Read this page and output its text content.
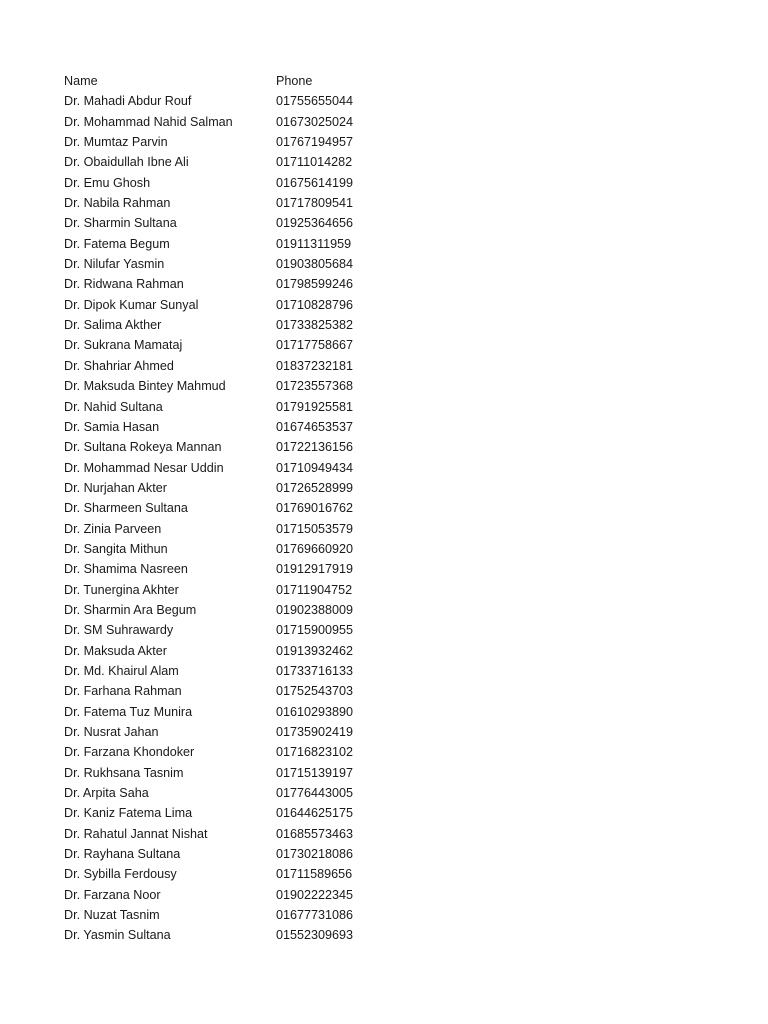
Name	Phone
Dr. Mahadi Abdur Rouf	01755655044
Dr. Mohammad Nahid Salman	01673025024
Dr. Mumtaz Parvin	01767194957
Dr. Obaidullah Ibne Ali	01711014282
Dr. Emu Ghosh	01675614199
Dr. Nabila Rahman	01717809541
Dr. Sharmin Sultana	01925364656
Dr. Fatema Begum	01911311959
Dr. Nilufar Yasmin	01903805684
Dr. Ridwana Rahman	01798599246
Dr. Dipok Kumar Sunyal	01710828796
Dr. Salima Akther	01733825382
Dr. Sukrana Mamataj	01717758667
Dr. Shahriar Ahmed	01837232181
Dr. Maksuda Bintey Mahmud	01723557368
Dr. Nahid Sultana	01791925581
Dr. Samia Hasan	01674653537
Dr. Sultana Rokeya Mannan	01722136156
Dr. Mohammad Nesar Uddin	01710949434
Dr. Nurjahan Akter	01726528999
Dr. Sharmeen Sultana	01769016762
Dr. Zinia Parveen	01715053579
Dr. Sangita Mithun	01769660920
Dr. Shamima Nasreen	01912917919
Dr. Tunergina Akhter	01711904752
Dr. Sharmin Ara Begum	01902388009
Dr. SM Suhrawardy	01715900955
Dr. Maksuda Akter	01913932462
Dr. Md. Khairul Alam	01733716133
Dr. Farhana Rahman	01752543703
Dr. Fatema Tuz Munira	01610293890
Dr. Nusrat Jahan	01735902419
Dr. Farzana Khondoker	01716823102
Dr. Rukhsana Tasnim	01715139197
Dr. Arpita Saha	01776443005
Dr. Kaniz Fatema Lima	01644625175
Dr. Rahatul Jannat Nishat	01685573463
Dr. Rayhana Sultana	01730218086
Dr. Sybilla Ferdousy	01711589656
Dr. Farzana Noor	01902222345
Dr. Nuzat Tasnim	01677731086
Dr. Yasmin Sultana	01552309693
